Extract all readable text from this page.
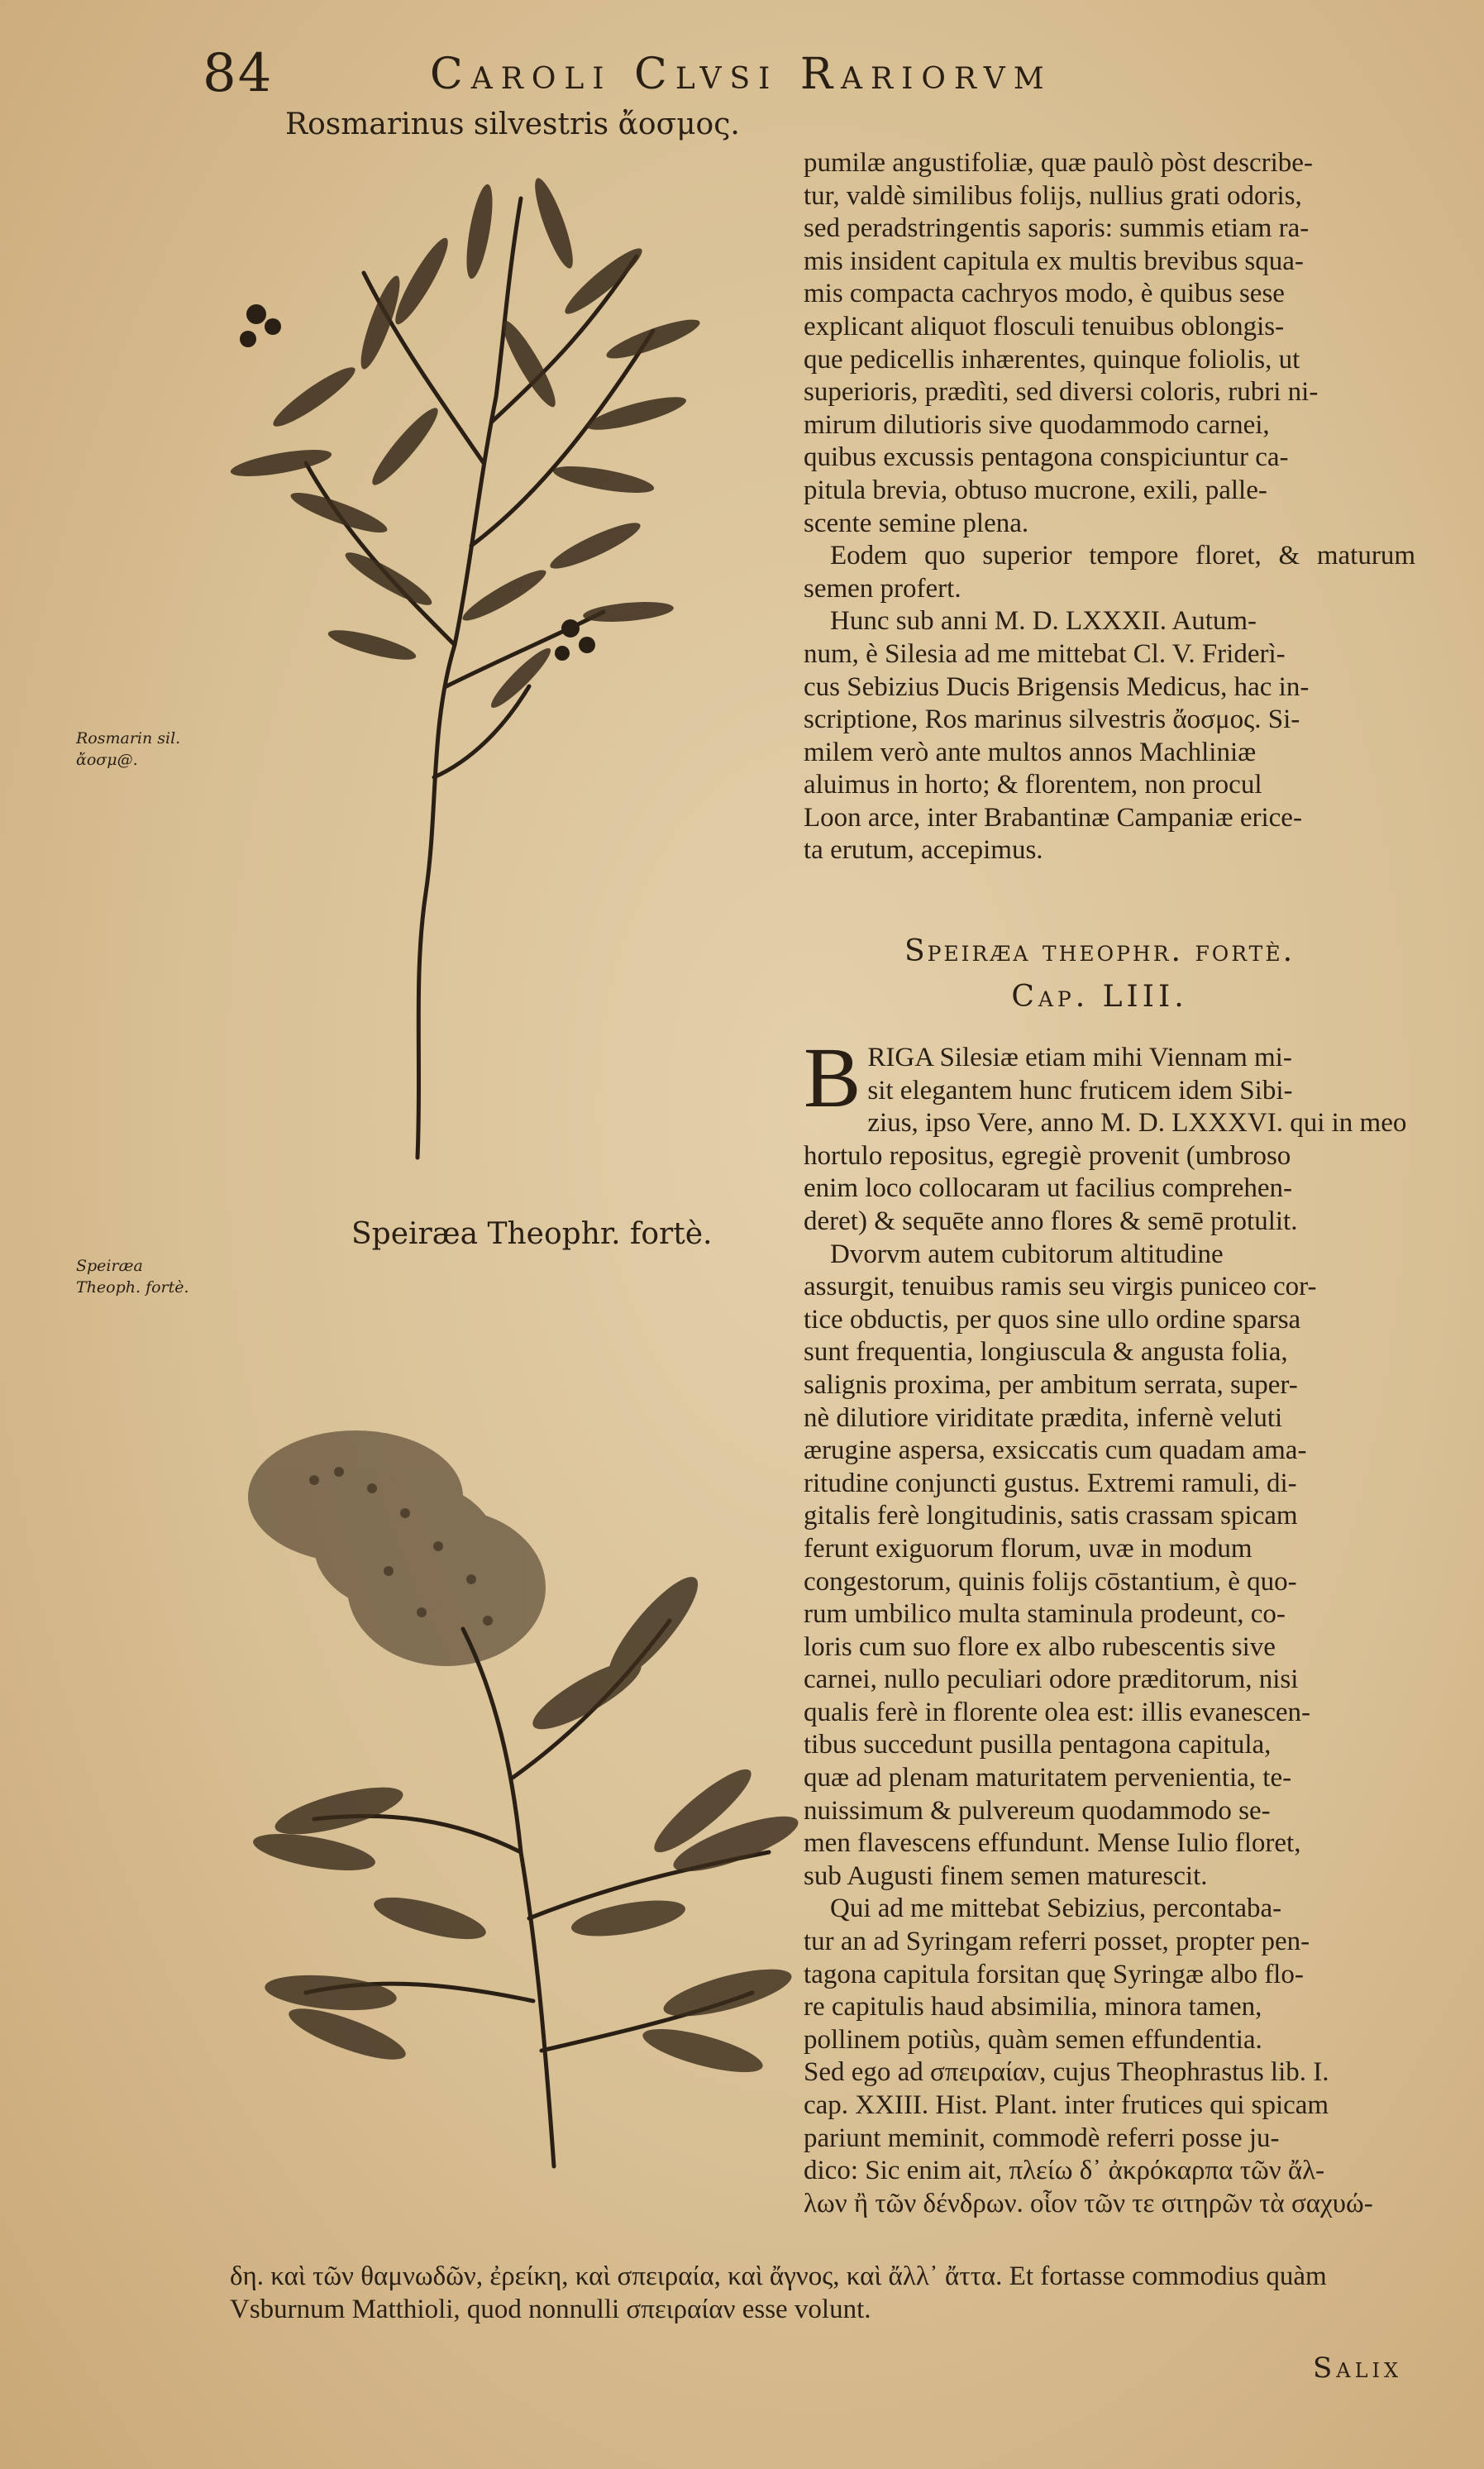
84	Caroli Clvsi Rariorvm
Rosmarinus silvestris ἄοσμος.
Rosmarin sil. ἄοσμ@.
Speiræa Theophr. fortè.
Speiræa Theoph. fortè.

pumilæ angustifoliæ, quæ paulò pòst describe-

tur, valdè similibus folijs, nullius grati odoris,

sed peradstringentis saporis: summis etiam ra-

mis insident capitula ex multis brevibus squa-

mis compacta cachryos modo, è quibus sese

explicant aliquot flosculi tenuibus oblongis-

que pedicellis inhærentes, quinque foliolis, ut

superioris, prædìti, sed diversi coloris, rubri ni-

mirum dilutioris sive quodammodo carnei,

quibus excussis pentagona conspiciuntur ca-

pitula brevia, obtuso mucrone, exili, palle-

scente semine plena.

Eodem quo superior tempore floret, & maturum semen profert.

Hunc sub anni M. D. LXXXII. Autum-

num, è Silesia ad me mittebat Cl. V. Friderì-

cus Sebizius Ducis Brigensis Medicus, hac in-

scriptione, Ros marinus silvestris ἄοσμος. Si-

milem verò ante multos annos Machliniæ

aluimus in horto; & florentem, non procul

Loon arce, inter Brabantinæ Campaniæ erice-

ta erutum, accepimus.

Speiræa theophr. fortè.
Cap. LIII.
B RIGA Silesiæ etiam mihi Viennam mi-

sit elegantem hunc fruticem idem Sibi-

zius, ipso Vere, anno M. D. LXXXVI. qui in meo

hortulo repositus, egregiè provenit (umbroso

enim loco collocaram ut facilius comprehen-

deret) & sequēte anno flores & semē protulit.

Dvorvm autem cubitorum altitudine

assurgit, tenuibus ramis seu virgis puniceo cor-

tice obductis, per quos sine ullo ordine sparsa

sunt frequentia, longiuscula & angusta folia,

salignis proxima, per ambitum serrata, super-

nè dilutiore viriditate prædita, infernè veluti

ærugine aspersa, exsiccatis cum quadam ama-

ritudine conjuncti gustus. Extremi ramuli, di-

gitalis ferè longitudinis, satis crassam spicam

ferunt exiguorum florum, uvæ in modum

congestorum, quinis folijs cōstantium, è quo-

rum umbilico multa staminula prodeunt, co-

loris cum suo flore ex albo rubescentis sive

carnei, nullo peculiari odore præditorum, nisi

qualis ferè in florente olea est: illis evanescen-

tibus succedunt pusilla pentagona capitula,

quæ ad plenam maturitatem pervenientia, te-

nuissimum & pulvereum quodammodo se-

men flavescens effundunt. Mense Iulio floret,

sub Augusti finem semen maturescit.

Qui ad me mittebat Sebizius, percontaba-

tur an ad Syringam referri posset, propter pen-

tagona capitula forsitan quę Syringæ albo flo-

re capitulis haud absimilia, minora tamen,

pollinem potiùs, quàm semen effundentia.

Sed ego ad σπειραίαν, cujus Theophrastus lib. I.

cap. XXIII. Hist. Plant. inter frutices qui spicam

pariunt meminit, commodè referri posse ju-

dico: Sic enim ait, πλείω δ᾽ ἀκρόκαρπα τῶν ἄλ-

λων ἢ τῶν δένδρων. οἷον τῶν τε σιτηρῶν τὰ σαχυώ-

δη. καὶ τῶν θαμνωδῶν, ἐρείκη, καὶ σπειραία, καὶ ἄγνος, καὶ ἄλλ᾽ ἄττα. Et fortasse commodius quàm

Vsburnum Matthioli, quod nonnulli σπειραίαν esse volunt.

Salix
